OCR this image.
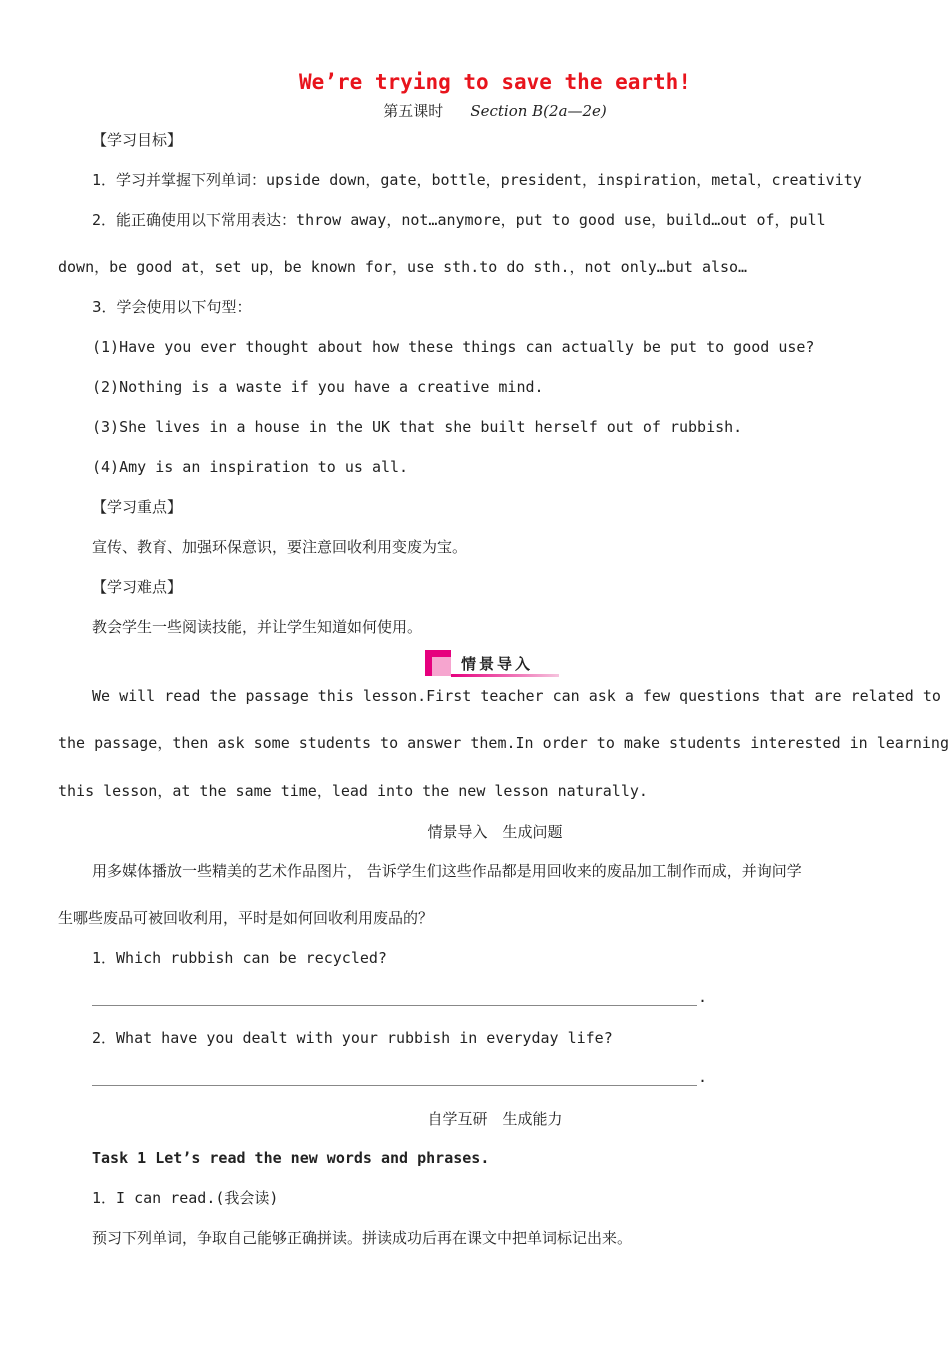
We’re trying to save the earth!
第五课时 Section B(2a—2e)
【学习目标】
1．学习并掌握下列单词：upside down，gate，bottle，president，inspiration，metal，creativity
2．能正确使用以下常用表达：throw away，not…anymore，put to good use，build…out of，pull
down，be good at，set up，be known for，use sth.to do sth.，not only…but also…
3．学会使用以下句型：
(1)Have you ever thought about how these things can actually be put to good use?
(2)Nothing is a waste if you have a creative mind.
(3)She lives in a house in the UK that she built herself out of rubbish.
(4)Amy is an inspiration to us all.
【学习重点】
宣传、教育、加强环保意识，要注意回收利用变废为宝。
【学习难点】
教会学生一些阅读技能，并让学生知道如何使用。
情景导入
We will read the passage this lesson.First teacher can ask a few questions that are related to
the passage，then ask some students to answer them.In order to make students interested in learning
this lesson，at the same time，lead into the new lesson naturally.
情景导入　生成问题
用多媒体播放一些精美的艺术作品图片， 告诉学生们这些作品都是用回收来的废品加工制作而成，并询问学
生哪些废品可被回收利用，平时是如何回收利用废品的？
1．Which rubbish can be recycled?
.
2．What have you dealt with your rubbish in everyday life?
.
自学互研　生成能力
Task 1 Let’s read the new words and phrases.
1．I can read.(我会读)
预习下列单词，争取自己能够正确拼读。拼读成功后再在课文中把单词标记出来。
